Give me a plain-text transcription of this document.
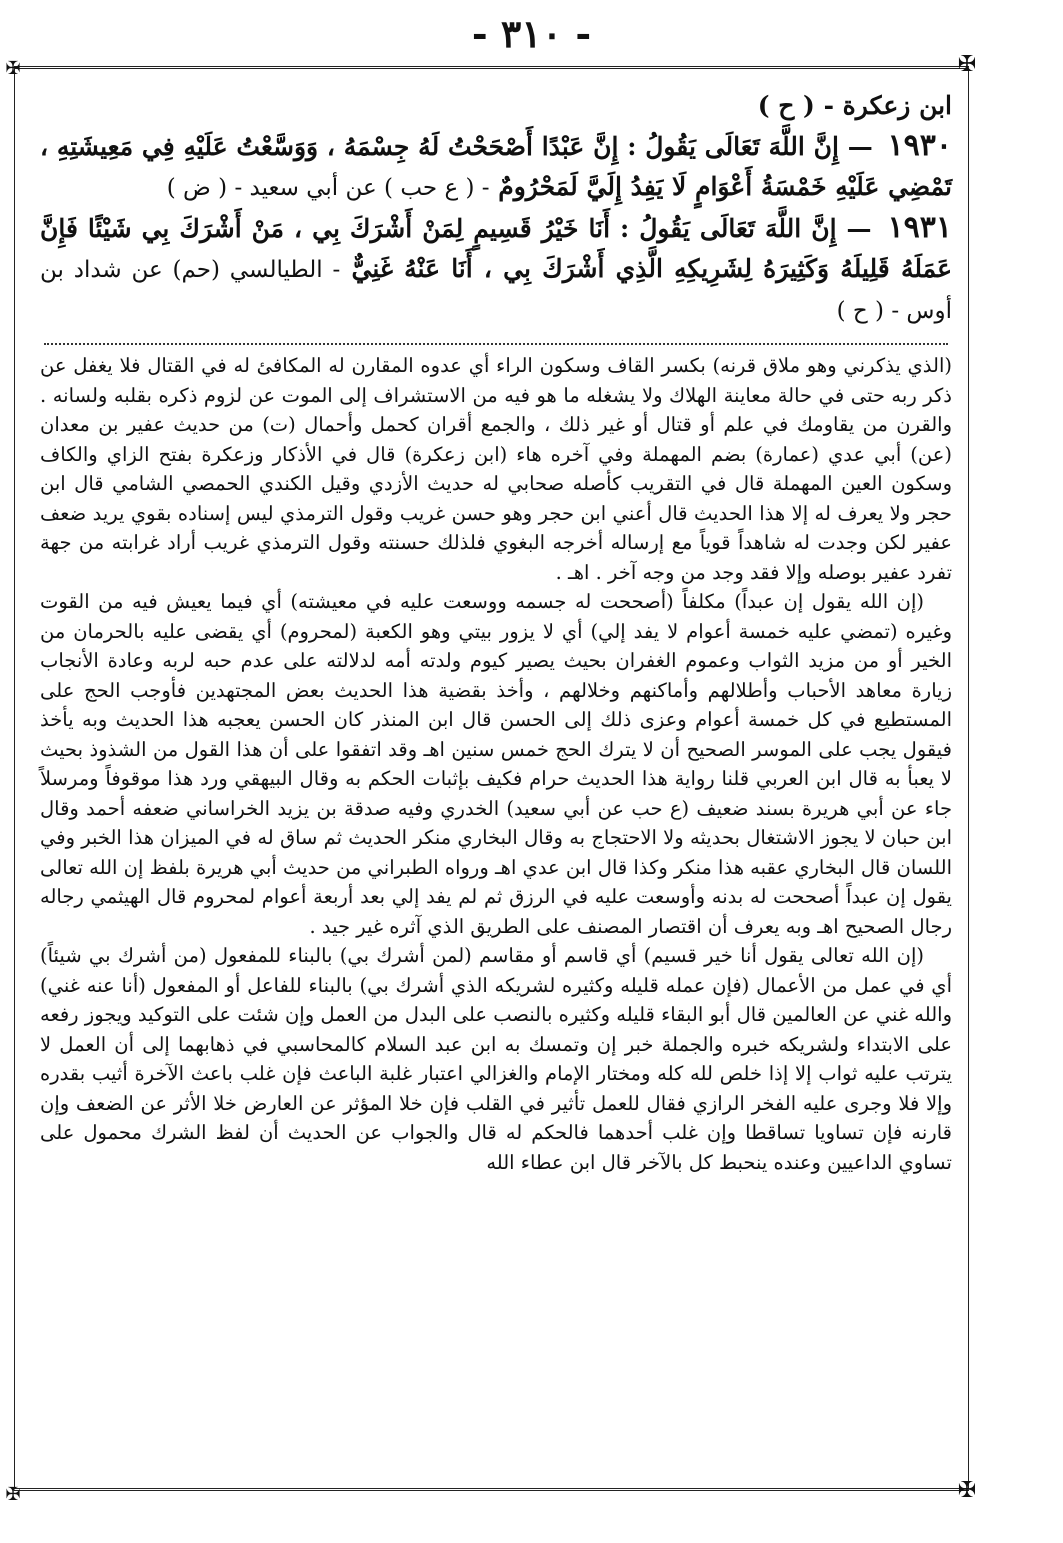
- ٣١٠ -
✠
✠
✠
✠

ابن زعكرة - ( ح )

١٩٣٠ — إِنَّ اللَّهَ تَعَالَى يَقُولُ : إِنَّ عَبْدًا أَصْحَحْتُ لَهُ جِسْمَهُ ، وَوَسَّعْتُ عَلَيْهِ فِي مَعِيشَتِهِ ، تَمْضِي عَلَيْهِ خَمْسَةُ أَعْوَامٍ لَا يَفِدُ إِلَيَّ لَمَحْرُومٌ - ( ع حب ) عن أبي سعيد - ( ض )

١٩٣١ — إِنَّ اللَّهَ تَعَالَى يَقُولُ : أَنَا خَيْرُ قَسِيمٍ لِمَنْ أَشْرَكَ بِي ، مَنْ أَشْرَكَ بِي شَيْئًا فَإِنَّ عَمَلَهُ قَلِيلَهُ وَكَثِيرَهُ لِشَرِيكِهِ الَّذِي أَشْرَكَ بِي ، أَنَا عَنْهُ غَنِيٌّ - الطيالسي (حم) عن شداد بن أوس - ( ح )

(الذي يذكرني وهو ملاق قرنه) بكسر القاف وسكون الراء أي عدوه المقارن له المكافئ له في القتال فلا يغفل عن ذكر ربه حتى في حالة معاينة الهلاك ولا يشغله ما هو فيه من الاستشراف إلى الموت عن لزوم ذكره بقلبه ولسانه . والقرن من يقاومك في علم أو قتال أو غير ذلك ، والجمع أقران كحمل وأحمال (ت) من حديث عفير بن معدان (عن) أبي عدي (عمارة) بضم المهملة وفي آخره هاء (ابن زعكرة) قال في الأذكار وزعكرة بفتح الزاي والكاف وسكون العين المهملة قال في التقريب كأصله صحابي له حديث الأزدي وقيل الكندي الحمصي الشامي قال ابن حجر ولا يعرف له إلا هذا الحديث قال أعني ابن حجر وهو حسن غريب وقول الترمذي ليس إسناده بقوي يريد ضعف عفير لكن وجدت له شاهداً قوياً مع إرساله أخرجه البغوي فلذلك حسنته وقول الترمذي غريب أراد غرابته من جهة تفرد عفير بوصله وإلا فقد وجد من وجه آخر . اهـ .

(إن الله يقول إن عبداً) مكلفاً (أصححت له جسمه ووسعت عليه في معيشته) أي فيما يعيش فيه من القوت وغيره (تمضي عليه خمسة أعوام لا يفد إلي) أي لا يزور بيتي وهو الكعبة (لمحروم) أي يقضى عليه بالحرمان من الخير أو من مزيد الثواب وعموم الغفران بحيث يصير كيوم ولدته أمه لدلالته على عدم حبه لربه وعادة الأنجاب زيارة معاهد الأحباب وأطلالهم وأماكنهم وخلالهم ، وأخذ بقضية هذا الحديث بعض المجتهدين فأوجب الحج على المستطيع في كل خمسة أعوام وعزى ذلك إلى الحسن قال ابن المنذر كان الحسن يعجبه هذا الحديث وبه يأخذ فيقول يجب على الموسر الصحيح أن لا يترك الحج خمس سنين اهـ وقد اتفقوا على أن هذا القول من الشذوذ بحيث لا يعبأ به قال ابن العربي قلنا رواية هذا الحديث حرام فكيف بإثبات الحكم به وقال البيهقي ورد هذا موقوفاً ومرسلاً جاء عن أبي هريرة بسند ضعيف (ع حب عن أبي سعيد) الخدري وفيه صدقة بن يزيد الخراساني ضعفه أحمد وقال ابن حبان لا يجوز الاشتغال بحديثه ولا الاحتجاج به وقال البخاري منكر الحديث ثم ساق له في الميزان هذا الخبر وفي اللسان قال البخاري عقبه هذا منكر وكذا قال ابن عدي اهـ ورواه الطبراني من حديث أبي هريرة بلفظ إن الله تعالى يقول إن عبداً أصححت له بدنه وأوسعت عليه في الرزق ثم لم يفد إلي بعد أربعة أعوام لمحروم قال الهيثمي رجاله رجال الصحيح اهـ وبه يعرف أن اقتصار المصنف على الطريق الذي آثره غير جيد .

(إن الله تعالى يقول أنا خير قسيم) أي قاسم أو مقاسم (لمن أشرك بي) بالبناء للمفعول (من أشرك بي شيئاً) أي في عمل من الأعمال (فإن عمله قليله وكثيره لشريكه الذي أشرك بي) بالبناء للفاعل أو المفعول (أنا عنه غني) والله غني عن العالمين قال أبو البقاء قليله وكثيره بالنصب على البدل من العمل وإن شئت على التوكيد ويجوز رفعه على الابتداء ولشريكه خبره والجملة خبر إن وتمسك به ابن عبد السلام كالمحاسبي في ذهابهما إلى أن العمل لا يترتب عليه ثواب إلا إذا خلص لله كله ومختار الإمام والغزالي اعتبار غلبة الباعث فإن غلب باعث الآخرة أثيب بقدره وإلا فلا وجرى عليه الفخر الرازي فقال للعمل تأثير في القلب فإن خلا المؤثر عن العارض خلا الأثر عن الضعف وإن قارنه فإن تساويا تساقطا وإن غلب أحدهما فالحكم له قال والجواب عن الحديث أن لفظ الشرك محمول على تساوي الداعيين وعنده ينحبط كل بالآخر قال ابن عطاء الله
